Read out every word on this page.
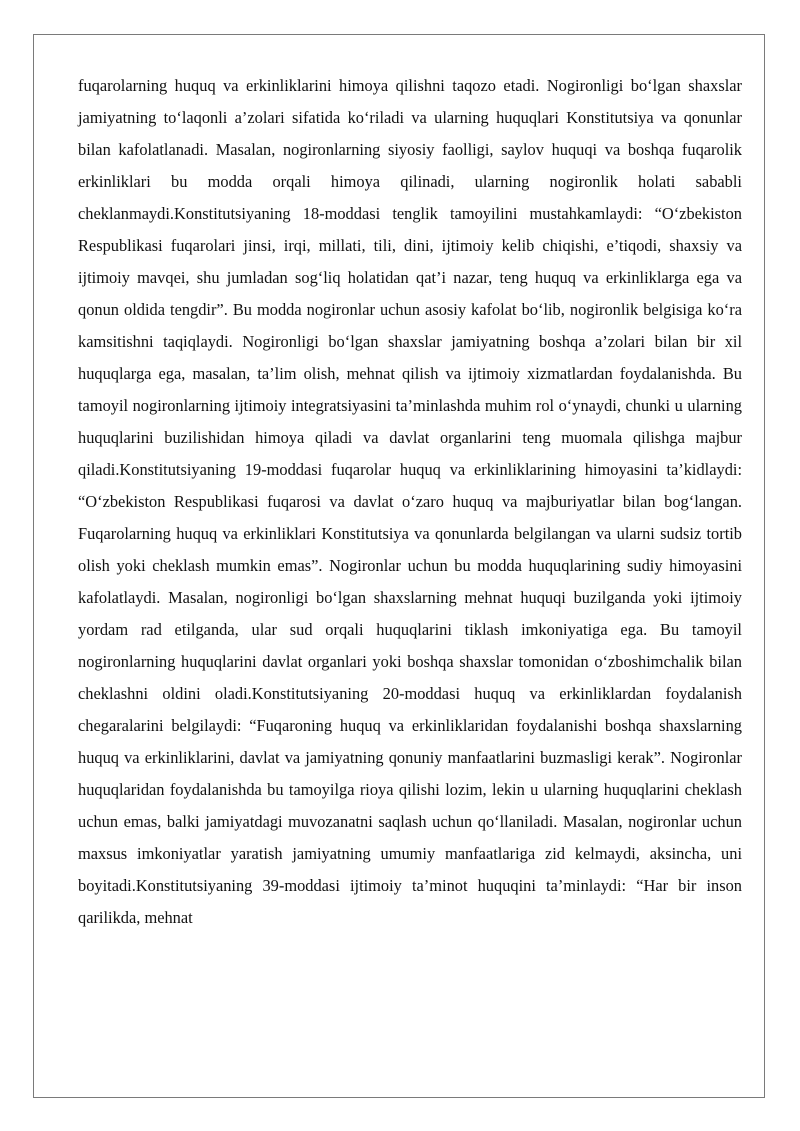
fuqarolarning huquq va erkinliklarini himoya qilishni taqozo etadi. Nogironligi bo‘lgan shaxslar jamiyatning to‘laqonli a’zolari sifatida ko‘riladi va ularning huquqlari Konstitutsiya va qonunlar bilan kafolatlanadi. Masalan, nogironlarning siyosiy faolligi, saylov huquqi va boshqa fuqarolik erkinliklari bu modda orqali himoya qilinadi, ularning nogironlik holati sababli cheklanmaydi.Konstitutsiyaning 18-moddasi tenglik tamoyilini mustahkamlaydi: “O‘zbekiston Respublikasi fuqarolari jinsi, irqi, millati, tili, dini, ijtimoiy kelib chiqishi, e’tiqodi, shaxsiy va ijtimoiy mavqei, shu jumladan sog‘liq holatidan qat’i nazar, teng huquq va erkinliklarga ega va qonun oldida tengdir”. Bu modda nogironlar uchun asosiy kafolat bo‘lib, nogironlik belgisiga ko‘ra kamsitishni taqiqlaydi. Nogironligi bo‘lgan shaxslar jamiyatning boshqa a’zolari bilan bir xil huquqlarga ega, masalan, ta’lim olish, mehnat qilish va ijtimoiy xizmatlardan foydalanishda. Bu tamoyil nogironlarning ijtimoiy integratsiyasini ta’minlashda muhim rol o‘ynaydi, chunki u ularning huquqlarini buzilishidan himoya qiladi va davlat organlarini teng muomala qilishga majbur qiladi.Konstitutsiyaning 19-moddasi fuqarolar huquq va erkinliklarining himoyasini ta’kidlaydi: “O‘zbekiston Respublikasi fuqarosi va davlat o‘zaro huquq va majburiyatlar bilan bog‘langan. Fuqarolarning huquq va erkinliklari Konstitutsiya va qonunlarda belgilangan va ularni sudsiz tortib olish yoki cheklash mumkin emas”. Nogironlar uchun bu modda huquqlarining sudiy himoyasini kafolatlaydi. Masalan, nogironligi bo‘lgan shaxslarning mehnat huquqi buzilganda yoki ijtimoiy yordam rad etilganda, ular sud orqali huquqlarini tiklash imkoniyatiga ega. Bu tamoyil nogironlarning huquqlarini davlat organlari yoki boshqa shaxslar tomonidan o‘zboshimchalik bilan cheklashni oldini oladi.Konstitutsiyaning 20-moddasi huquq va erkinliklardan foydalanish chegaralarini belgilaydi: “Fuqaroning huquq va erkinliklaridan foydalanishi boshqa shaxslarning huquq va erkinliklarini, davlat va jamiyatning qonuniy manfaatlarini buzmasligi kerak”. Nogironlar huquqlaridan foydalanishda bu tamoyilga rioya qilishi lozim, lekin u ularning huquqlarini cheklash uchun emas, balki jamiyatdagi muvozanatni saqlash uchun qo‘llaniladi. Masalan, nogironlar uchun maxsus imkoniyatlar yaratish jamiyatning umumiy manfaatlariga zid kelmaydi, aksincha, uni boyitadi.Konstitutsiyaning 39-moddasi ijtimoiy ta’minot huquqini ta’minlaydi: “Har bir inson qarilikda, mehnat
